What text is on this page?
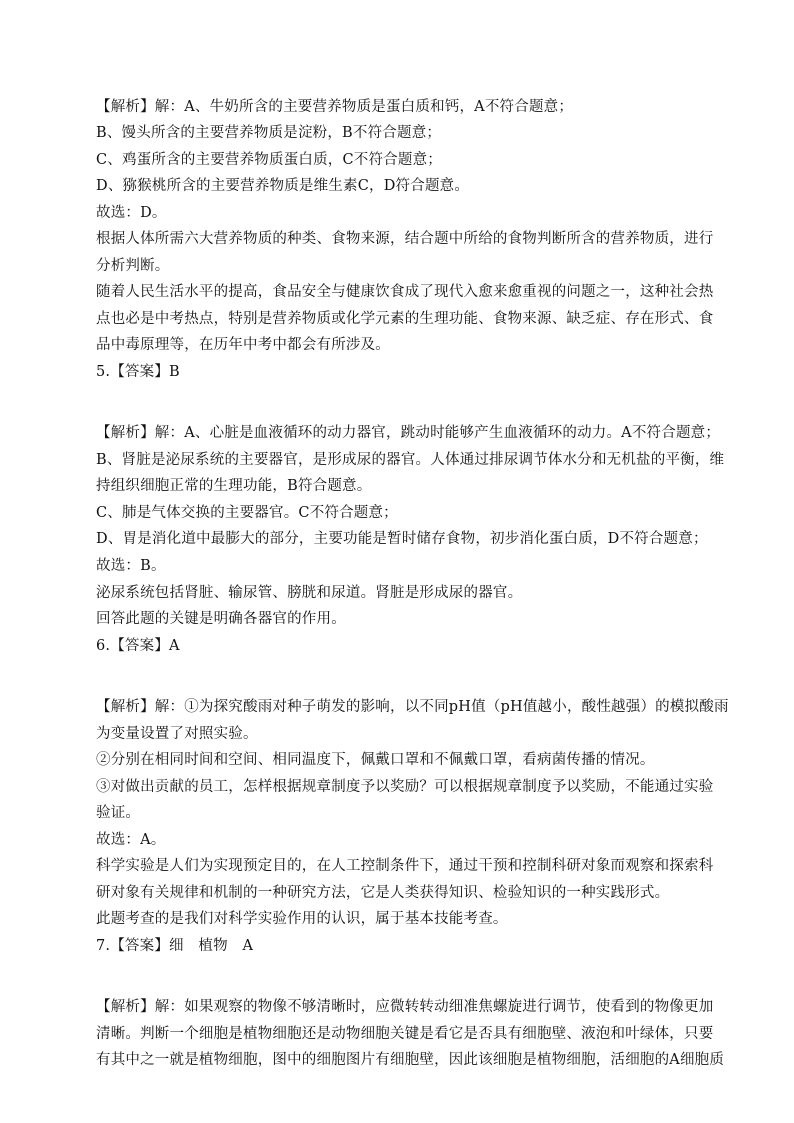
【解析】解：A、牛奶所含的主要营养物质是蛋白质和钙，A不符合题意；
B、馒头所含的主要营养物质是淀粉，B不符合题意；
C、鸡蛋所含的主要营养物质蛋白质，C不符合题意；
D、猕猴桃所含的主要营养物质是维生素C，D符合题意。
故选：D。
根据人体所需六大营养物质的种类、食物来源，结合题中所给的食物判断所含的营养物质，进行
分析判断。
随着人民生活水平的提高，食品安全与健康饮食成了现代入愈来愈重视的问题之一，这种社会热
点也必是中考热点，特别是营养物质或化学元素的生理功能、食物来源、缺乏症、存在形式、食
品中毒原理等，在历年中考中都会有所涉及。
5.【答案】B
【解析】解：A、心脏是血液循环的动力器官，跳动时能够产生血液循环的动力。A不符合题意；
B、肾脏是泌尿系统的主要器官，是形成尿的器官。人体通过排尿调节体水分和无机盐的平衡，维
持组织细胞正常的生理功能，B符合题意。
C、肺是气体交换的主要器官。C不符合题意；
D、胃是消化道中最膨大的部分，主要功能是暂时储存食物，初步消化蛋白质，D不符合题意；
故选：B。
泌尿系统包括肾脏、输尿管、膀胱和尿道。肾脏是形成尿的器官。
回答此题的关键是明确各器官的作用。
6.【答案】A
【解析】解：①为探究酸雨对种子萌发的影响，以不同pH值（pH值越小，酸性越强）的模拟酸雨
为变量设置了对照实验。
②分别在相同时间和空间、相同温度下，佩戴口罩和不佩戴口罩，看病菌传播的情况。
③对做出贡献的员工，怎样根据规章制度予以奖励？可以根据规章制度予以奖励，不能通过实验
验证。
故选：A。
科学实验是人们为实现预定目的，在人工控制条件下，通过干预和控制科研对象而观察和探索科
研对象有关规律和机制的一种研究方法，它是人类获得知识、检验知识的一种实践形式。
此题考查的是我们对科学实验作用的认识，属于基本技能考查。
7.【答案】细　植物　A
【解析】解：如果观察的物像不够清晰时，应微转转动细准焦螺旋进行调节，使看到的物像更加
清晰。判断一个细胞是植物细胞还是动物细胞关键是看它是否具有细胞壁、液泡和叶绿体，只要
有其中之一就是植物细胞，图中的细胞图片有细胞壁，因此该细胞是植物细胞，活细胞的A细胞质
